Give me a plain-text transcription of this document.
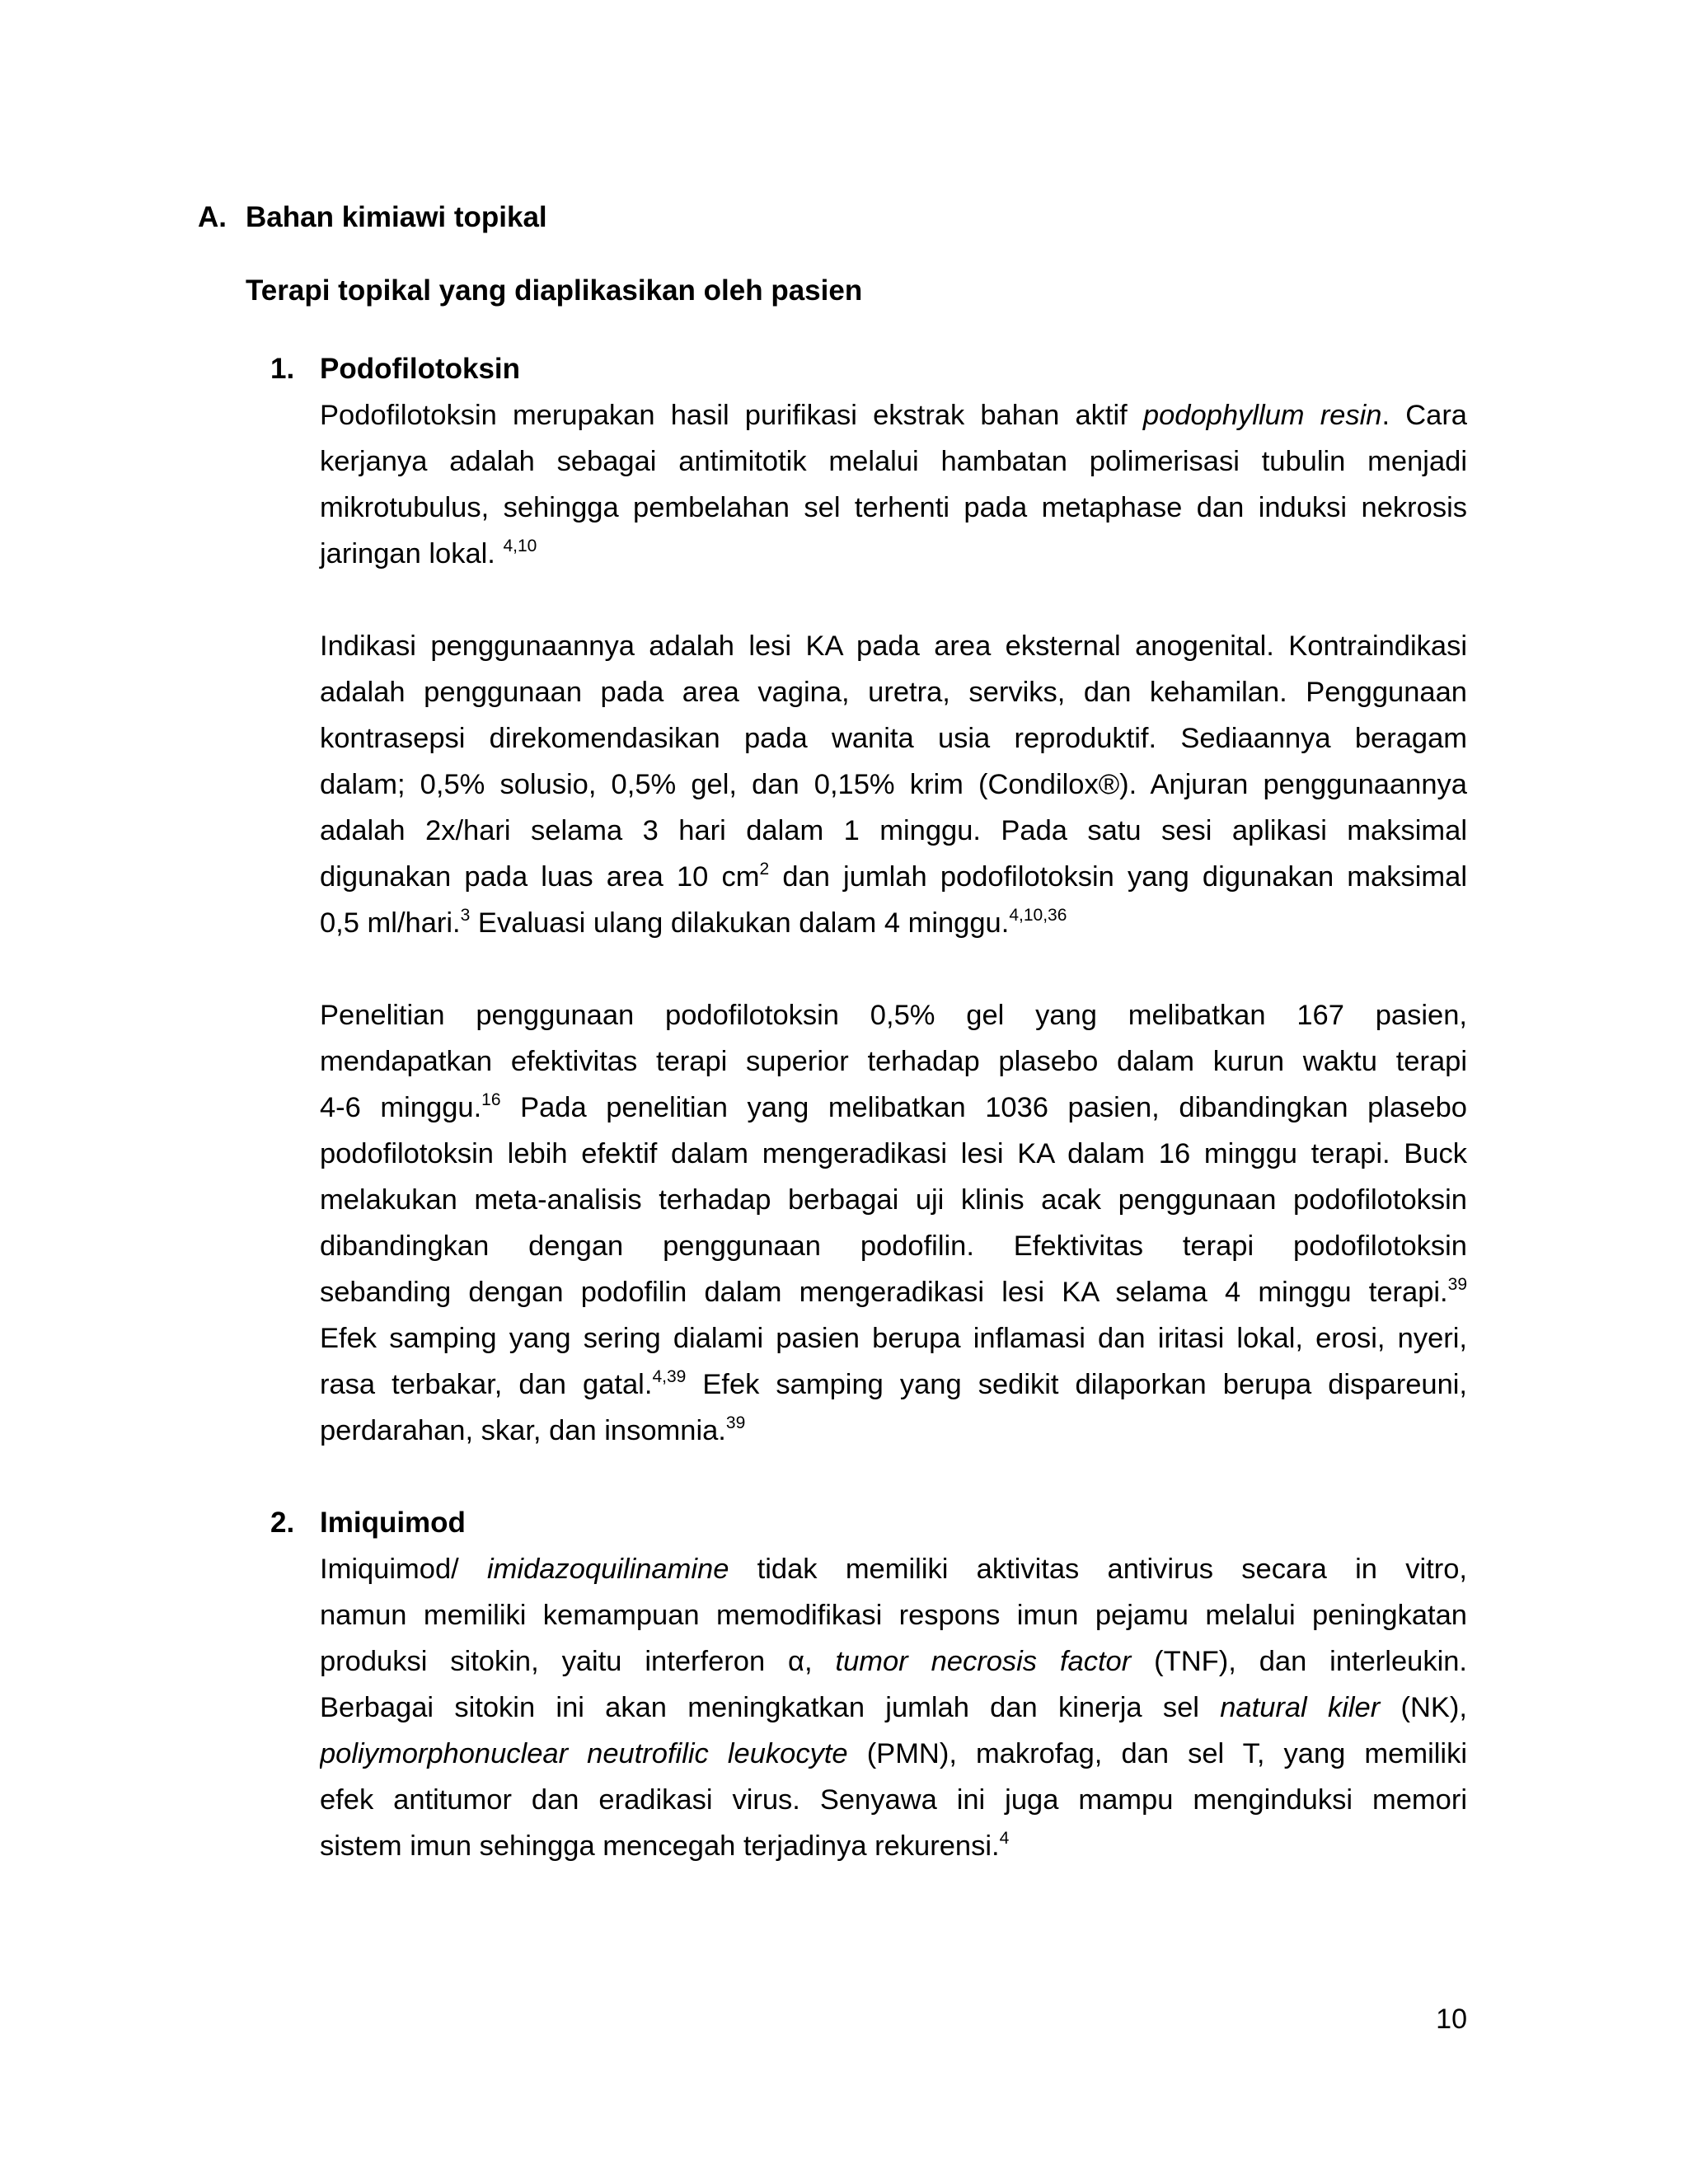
A. Bahan kimiawi topikal
Terapi topikal yang diaplikasikan oleh pasien
1. Podofilotoksin
Podofilotoksin merupakan hasil purifikasi ekstrak bahan aktif podophyllum resin. Cara
kerjanya adalah sebagai antimitotik melalui hambatan polimerisasi tubulin menjadi
mikrotubulus, sehingga pembelahan sel terhenti pada metaphase dan induksi nekrosis
jaringan lokal. $^{4,10}$
Indikasi penggunaannya adalah lesi KA pada area eksternal anogenital. Kontraindikasi
adalah penggunaan pada area vagina, uretra, serviks, dan kehamilan. Penggunaan
kontrasepsi direkomendasikan pada wanita usia reproduktif. Sediaannya beragam
dalam; 0,5% solusio, 0,5% gel, dan 0,15% krim (Condilox®). Anjuran penggunaannya
adalah 2x/hari selama 3 hari dalam 1 minggu. Pada satu sesi aplikasi maksimal
digunakan pada luas area 10 $cm^2$ dan jumlah podofilotoksin yang digunakan maksimal
0,5 ml/hari.$^3$ Evaluasi ulang dilakukan dalam 4 minggu.$^{4,10,36}$
Penelitian penggunaan podofilotoksin 0,5% gel yang melibatkan 167 pasien,
mendapatkan efektivitas terapi superior terhadap plasebo dalam kurun waktu terapi
4-6 minggu.$^{16}$ Pada penelitian yang melibatkan 1036 pasien, dibandingkan plasebo
podofilotoksin lebih efektif dalam mengeradikasi lesi KA dalam 16 minggu terapi. Buck
melakukan meta-analisis terhadap berbagai uji klinis acak penggunaan podofilotoksin
dibandingkan dengan penggunaan podofilin. Efektivitas terapi podofilotoksin
sebanding dengan podofilin dalam mengeradikasi lesi KA selama 4 minggu terapi.$^{39}$
Efek samping yang sering dialami pasien berupa inflamasi dan iritasi lokal, erosi, nyeri,
rasa terbakar, dan gatal.$^{4,39}$ Efek samping yang sedikit dilaporkan berupa dispareuni,
perdarahan, skar, dan insomnia.$^{39}$
2. Imiquimod
Imiquimod/ imidazoquilinamine tidak memiliki aktivitas antivirus secara in vitro,
namun memiliki kemampuan memodifikasi respons imun pejamu melalui peningkatan
produksi sitokin, yaitu interferon α, tumor necrosis factor (TNF), dan interleukin.
Berbagai sitokin ini akan meningkatkan jumlah dan kinerja sel natural kiler (NK),
poliymorphonuclear neutrofilic leukocyte (PMN), makrofag, dan sel T, yang memiliki
efek antitumor dan eradikasi virus. Senyawa ini juga mampu menginduksi memori
sistem imun sehingga mencegah terjadinya rekurensi.$^4$
10
